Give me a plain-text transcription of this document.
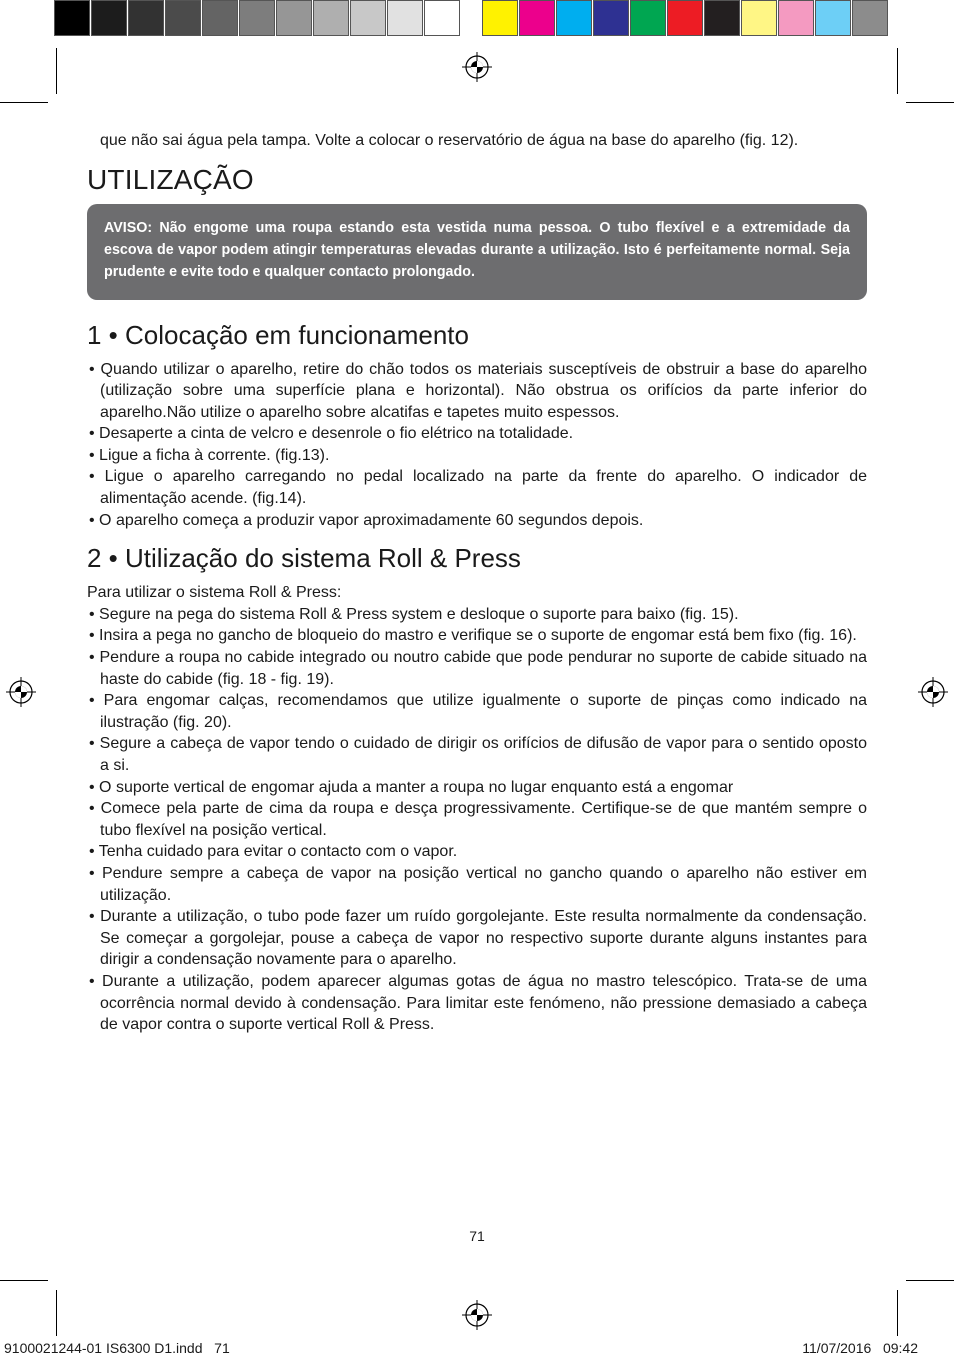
que não sai água pela tampa. Volte a colocar o reservatório de água na base do aparelho (fig. 12).

UTILIZAÇÃO
AVISO: Não engome uma roupa estando esta vestida numa pessoa. O tubo flexível e a extremidade da escova de vapor podem atingir temperaturas elevadas durante a utilização. Isto é perfeitamente normal. Seja prudente e evite todo e qualquer contacto prolongado.
1 • Colocação em funcionamento
• Quando utilizar o aparelho, retire do chão todos os materiais susceptíveis de obstruir a base do aparelho (utilização sobre uma superfície plana e horizontal). Não obstrua os orifícios da parte inferior do aparelho.Não utilize o aparelho sobre alcatifas e tapetes muito espessos.
• Desaperte a cinta de velcro e desenrole o fio elétrico na totalidade.
• Ligue a ficha à corrente. (fig.13).
• Ligue o aparelho carregando no pedal localizado na parte da frente do aparelho. O indicador de alimentação acende. (fig.14).
• O aparelho começa a produzir vapor aproximadamente 60 segundos depois.
2 • Utilização do sistema Roll & Press

Para utilizar o sistema Roll & Press:

• Segure na pega do sistema Roll & Press system e desloque o suporte para baixo (fig. 15).
• Insira a pega no gancho de bloqueio do mastro e verifique se o suporte de engomar está bem fixo (fig. 16).
• Pendure a roupa no cabide integrado ou noutro cabide que pode pendurar no suporte de cabide situado na haste do cabide (fig. 18 - fig. 19).
• Para engomar calças, recomendamos que utilize igualmente o suporte de pinças como indicado na ilustração (fig. 20).
• Segure a cabeça de vapor tendo o cuidado de dirigir os orifícios de difusão de vapor para o sentido oposto a si.
• O suporte vertical de engomar ajuda a manter a roupa no lugar enquanto está a engomar
• Comece pela parte de cima da roupa e desça progressivamente. Certifique-se de que mantém sempre o tubo flexível na posição vertical.
• Tenha cuidado para evitar o contacto com o vapor.
• Pendure sempre a cabeça de vapor na posição vertical no gancho quando o aparelho não estiver em utilização.
• Durante a utilização, o tubo pode fazer um ruído gorgolejante. Este resulta normalmente da condensação. Se começar a gorgolejar, pouse a cabeça de vapor no respectivo suporte durante alguns instantes para dirigir a condensação novamente para o aparelho.
• Durante a utilização, podem aparecer algumas gotas de água no mastro telescópico. Trata-se de uma ocorrência normal devido à condensação. Para limitar este fenómeno, não pressione demasiado a cabeça de vapor contra o suporte vertical Roll & Press.
71
9100021244-01 IS6300 D1.indd   71	11/07/2016   09:42
